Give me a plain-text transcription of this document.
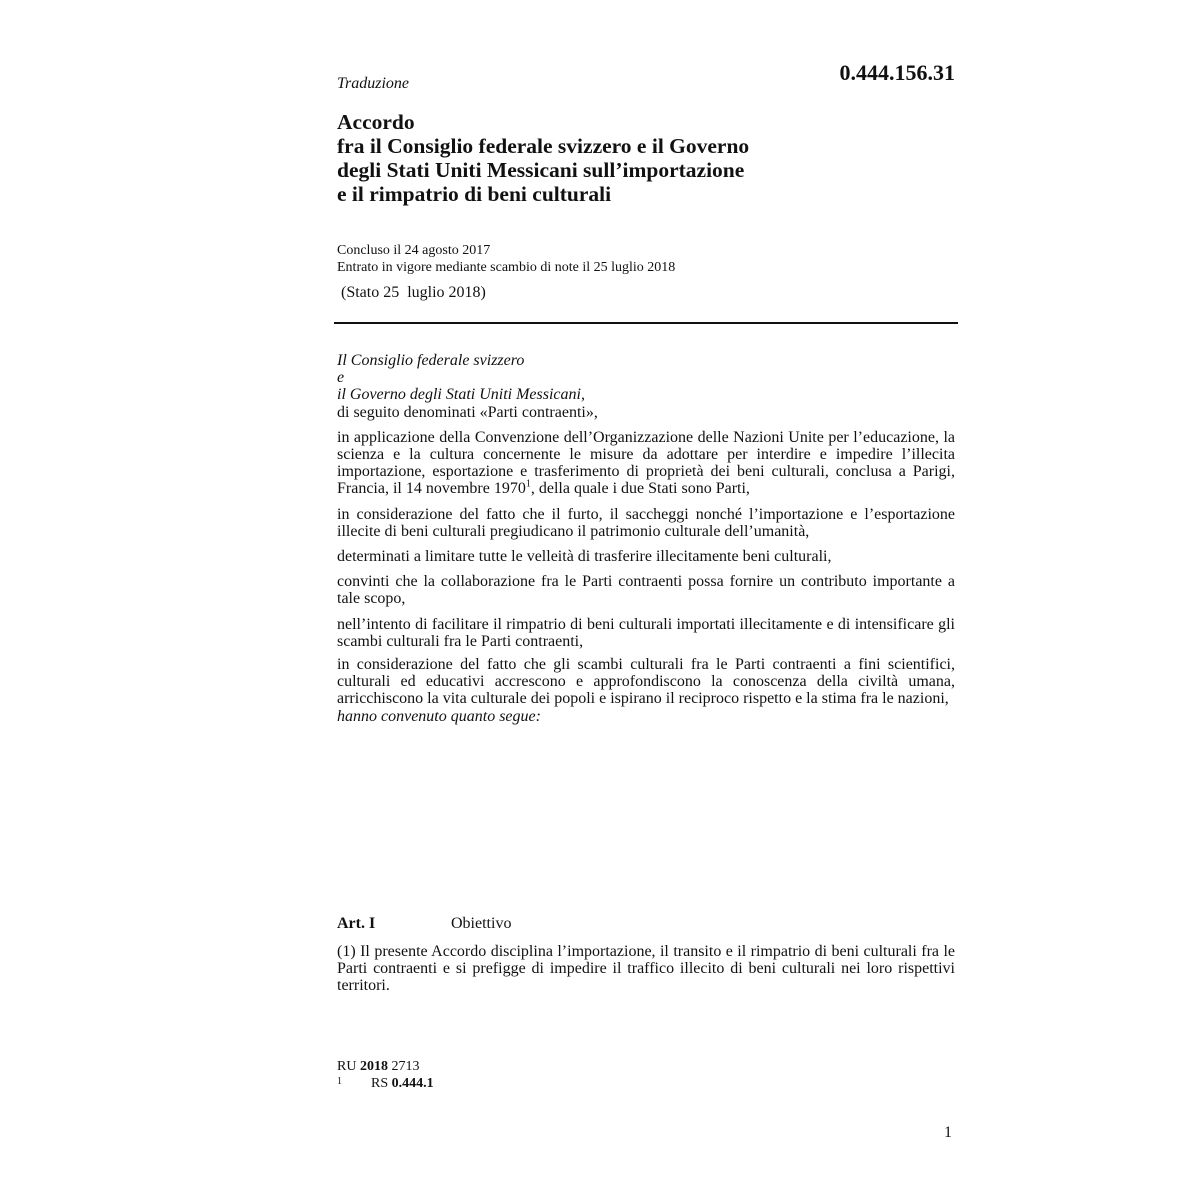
Traduzione	0.444.156.31
Accordo
fra il Consiglio federale svizzero e il Governo
degli Stati Uniti Messicani sull’importazione
e il rimpatrio di beni culturali
Concluso il 24 agosto 2017
Entrato in vigore mediante scambio di note il 25 luglio 2018
(Stato 25  luglio 2018)
Il Consiglio federale svizzero
e
il Governo degli Stati Uniti Messicani,
di seguito denominati «Parti contraenti»,

in applicazione della Convenzione dell’Organizzazione delle Nazioni Unite per l’educazione, la scienza e la cultura concernente le misure da adottare per interdire e impedire l’illecita importazione, esportazione e trasferimento di proprietà dei beni culturali, conclusa a Parigi, Francia, il 14 novembre 1970$^1$, della quale i due Stati sono Parti,

in considerazione del fatto che il furto, il saccheggi nonché l’importazione e l’esportazione illecite di beni culturali pregiudicano il patrimonio culturale dell’umanità,

determinati a limitare tutte le velleità di trasferire illecitamente beni culturali,

convinti che la collaborazione fra le Parti contraenti possa fornire un contributo importante a tale scopo,

nell’intento di facilitare il rimpatrio di beni culturali importati illecitamente e di intensificare gli scambi culturali fra le Parti contraenti,

in considerazione del fatto che gli scambi culturali fra le Parti contraenti a fini scientifici, culturali ed educativi accrescono e approfondiscono la conoscenza della civiltà umana, arricchiscono la vita culturale dei popoli e ispirano il reciproco rispetto e la stima fra le nazioni,

hanno convenuto quanto segue:
Art. I	Obiettivo

(1) Il presente Accordo disciplina l’importazione, il transito e il rimpatrio di beni culturali fra le Parti contraenti e si prefigge di impedire il traffico illecito di beni culturali nei loro rispettivi territori.

RU 2018 2713
1 RS 0.444.1
1
